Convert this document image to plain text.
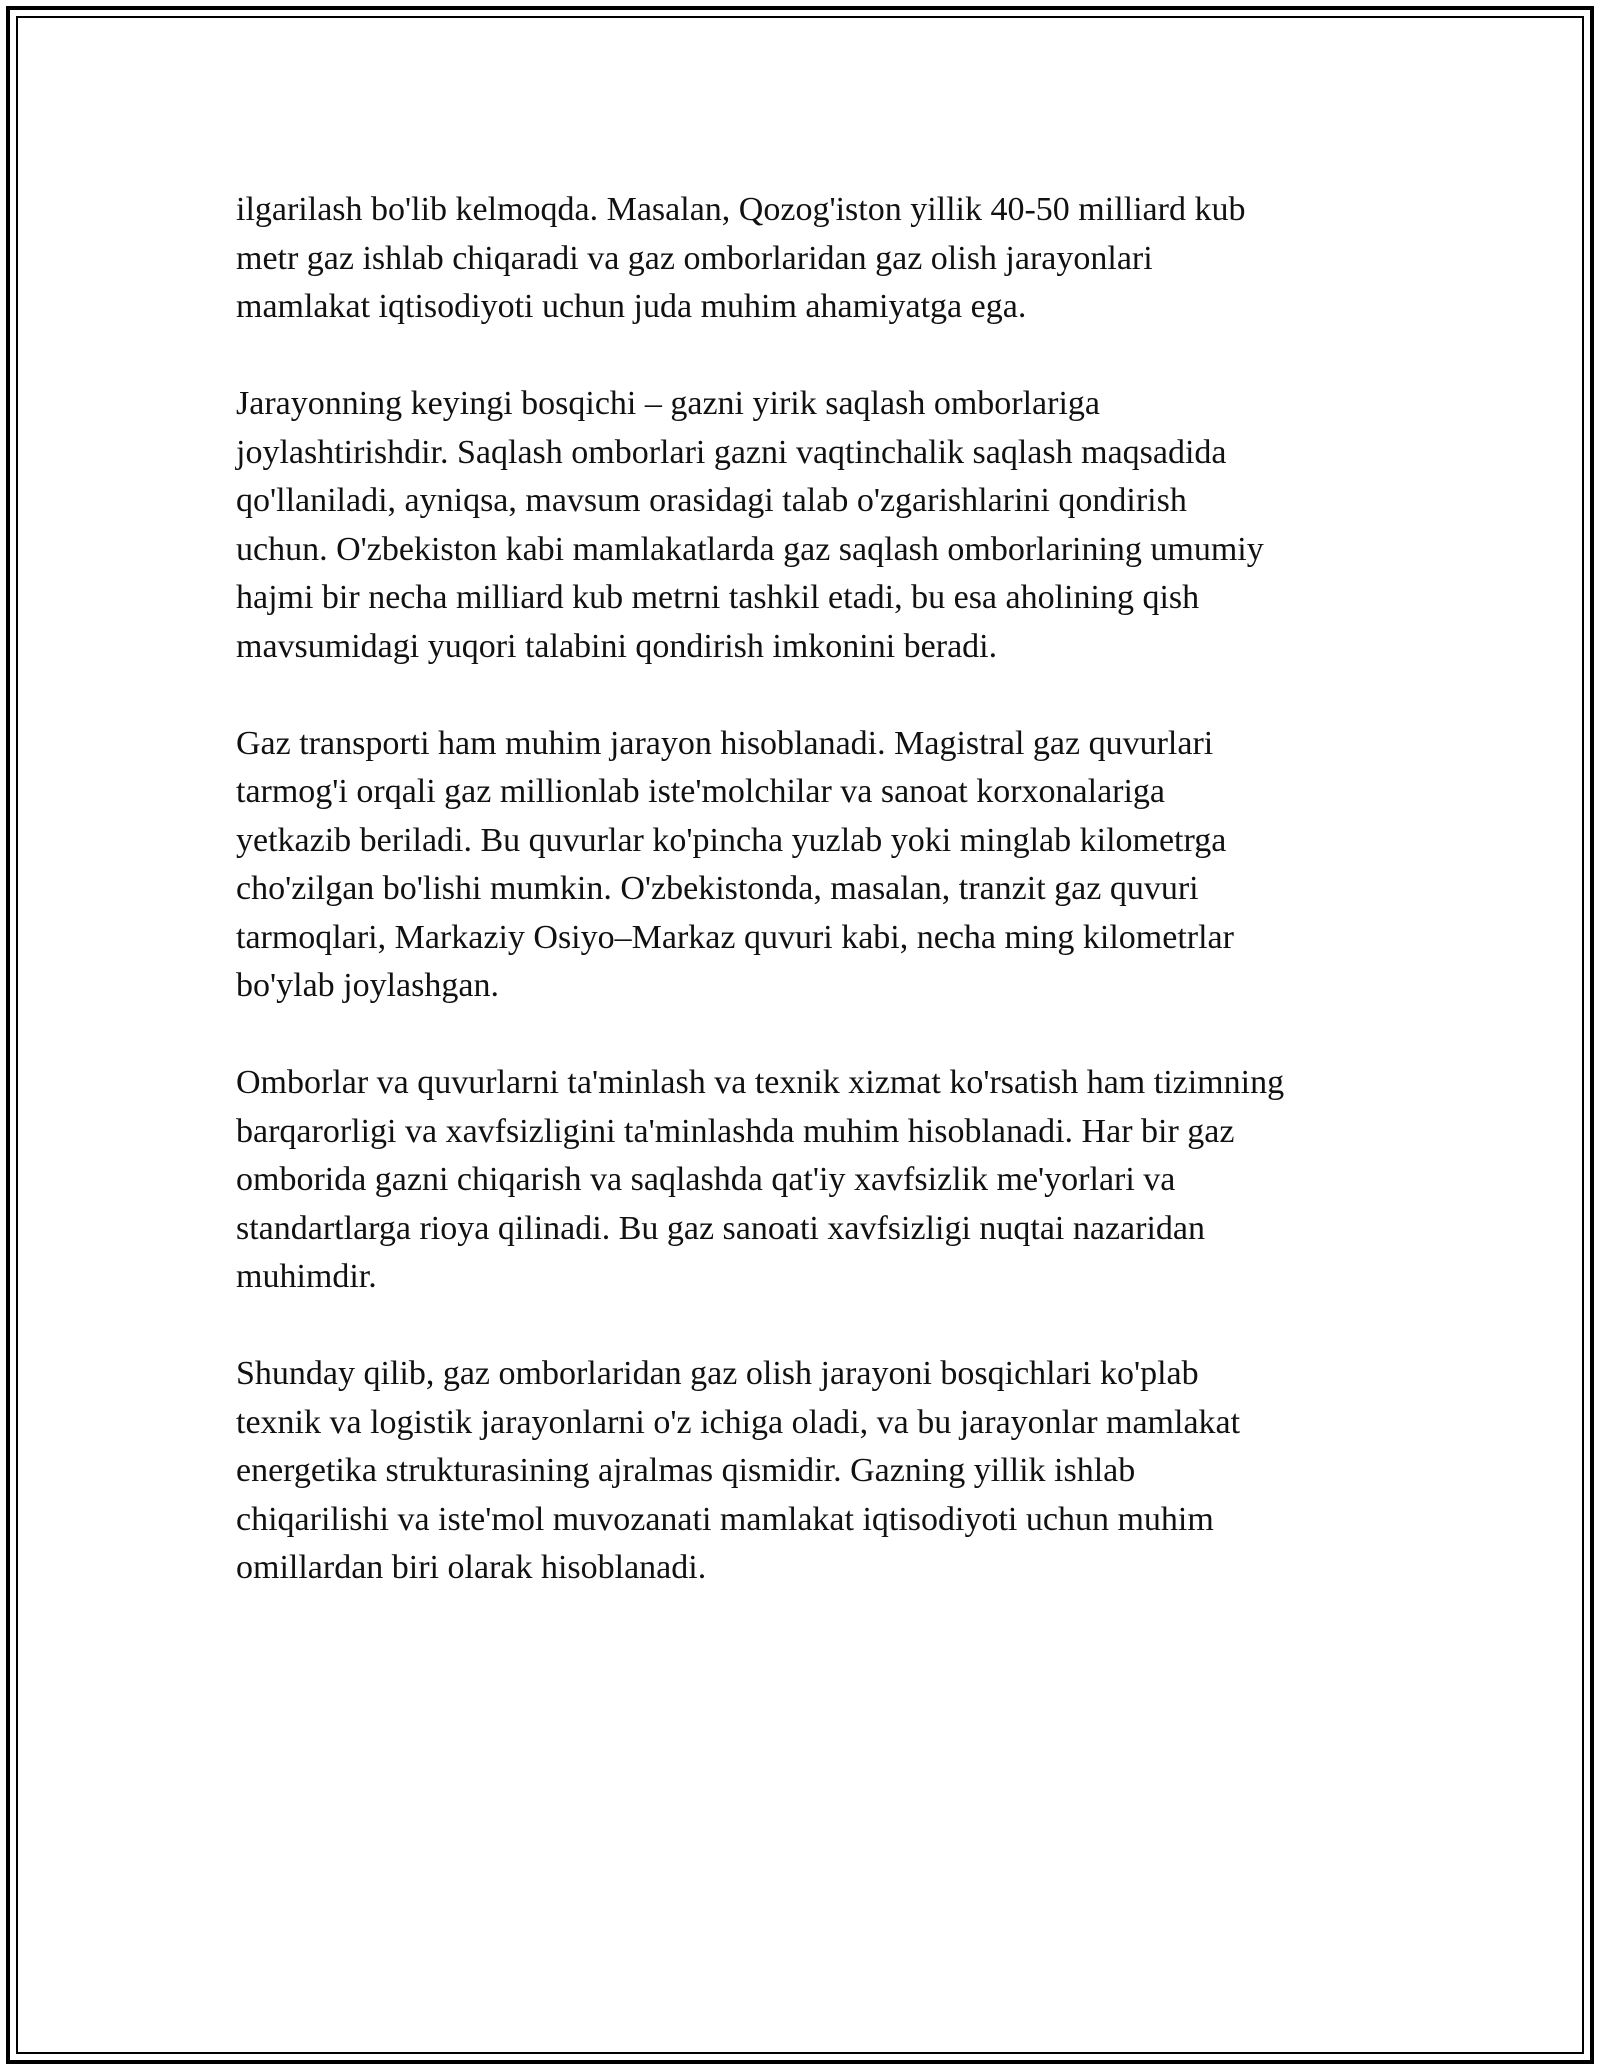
ilgarilash bo'lib kelmoqda. Masalan, Qozog'iston yillik 40-50 milliard kub
metr gaz ishlab chiqaradi va gaz omborlaridan gaz olish jarayonlari
mamlakat iqtisodiyoti uchun juda muhim ahamiyatga ega.

Jarayonning keyingi bosqichi – gazni yirik saqlash omborlariga
joylashtirishdir. Saqlash omborlari gazni vaqtinchalik saqlash maqsadida
qo'llaniladi, ayniqsa, mavsum orasidagi talab o'zgarishlarini qondirish
uchun. O'zbekiston kabi mamlakatlarda gaz saqlash omborlarining umumiy
hajmi bir necha milliard kub metrni tashkil etadi, bu esa aholining qish
mavsumidagi yuqori talabini qondirish imkonini beradi.

Gaz transporti ham muhim jarayon hisoblanadi. Magistral gaz quvurlari
tarmog'i orqali gaz millionlab iste'molchilar va sanoat korxonalariga
yetkazib beriladi. Bu quvurlar ko'pincha yuzlab yoki minglab kilometrga
cho'zilgan bo'lishi mumkin. O'zbekistonda, masalan, tranzit gaz quvuri
tarmoqlari, Markaziy Osiyo–Markaz quvuri kabi, necha ming kilometrlar
bo'ylab joylashgan.

Omborlar va quvurlarni ta'minlash va texnik xizmat ko'rsatish ham tizimning
barqarorligi va xavfsizligini ta'minlashda muhim hisoblanadi. Har bir gaz
omborida gazni chiqarish va saqlashda qat'iy xavfsizlik me'yorlari va
standartlarga rioya qilinadi. Bu gaz sanoati xavfsizligi nuqtai nazaridan
muhimdir.

Shunday qilib, gaz omborlaridan gaz olish jarayoni bosqichlari ko'plab
texnik va logistik jarayonlarni o'z ichiga oladi, va bu jarayonlar mamlakat
energetika strukturasining ajralmas qismidir. Gazning yillik ishlab
chiqarilishi va iste'mol muvozanati mamlakat iqtisodiyoti uchun muhim
omillardan biri olarak hisoblanadi.
